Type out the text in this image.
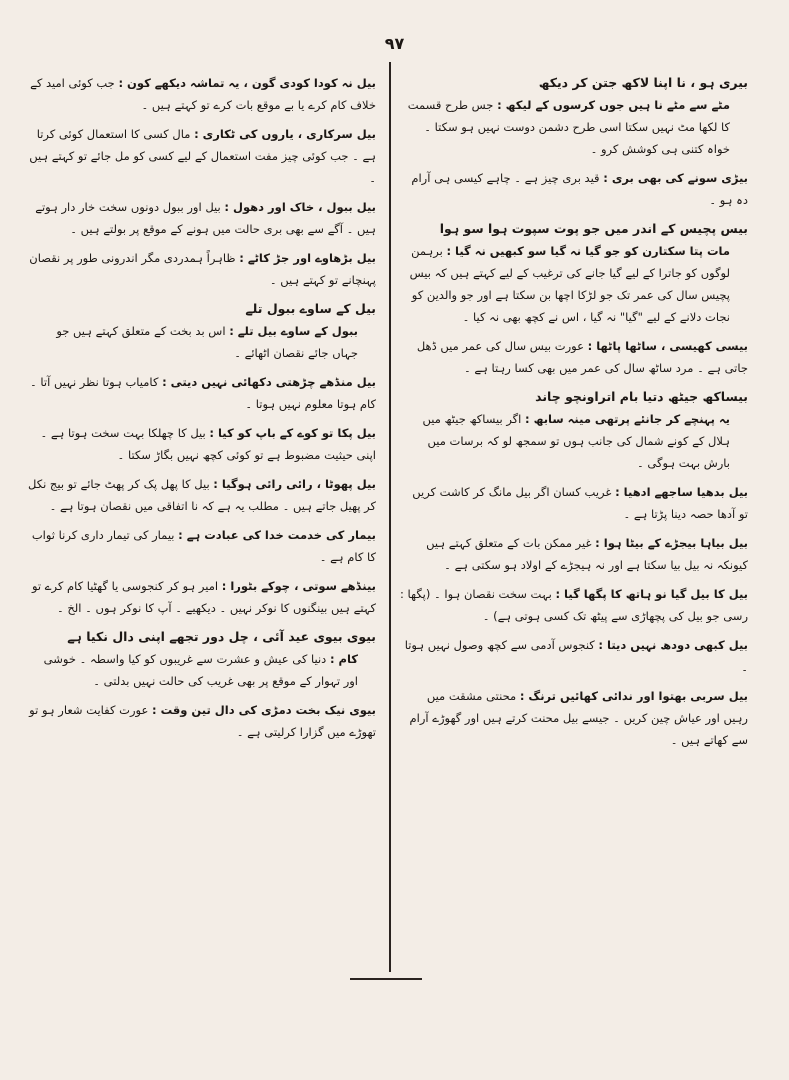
۹۷
بیری ہو ، نا اپنا لاکھ جتن کر دیکھ
مٹے سے مٹے نا ہیں جوں کرسوں کے لیکھ : جس طرح قسمت کا لکھا مٹ نہیں سکتا اسی طرح دشمن دوست نہیں ہو سکتا ۔ خواہ کتنی ہی کوشش کرو ۔
بیڑی سونے کی بھی بری : قید بری چیز ہے ۔ چاہے کیسی ہی آرام دہ ہو ۔
بیس پچیس کے اندر میں جو پوت سپوت ہوا سو ہوا
مات پتا سکتارن کو جو گیا نہ گیا سو کبھیں نہ گیا : برہمن لوگوں کو جاترا کے لیے گیا جانے کی ترغیب کے لیے کہتے ہیں کہ بیس پچیس سال کی عمر تک جو لڑکا اچھا بن سکتا ہے اور جو والدین کو نجات دلانے کے لیے "گیا" نہ گیا ، اس نے کچھ بھی نہ کیا ۔
بیسی کھیسی ، ساٹھا پاٹھا : عورت بیس سال کی عمر میں ڈھل جاتی ہے ۔ مرد ساٹھ سال کی عمر میں بھی کسا رہتا ہے ۔
بیساکھ جیٹھ دتیا بام اتراونچو چاند
یہ پہنچے کر جانئے پرتھی مینہ سابھ : اگر بیساکھ جیٹھ میں ہلال کے کونے شمال کی جانب ہوں تو سمجھ لو کہ برسات میں بارش بہت ہوگی ۔
بیل بدھیا ساجھے ادھیا : غریب کسان اگر بیل مانگ کر کاشت کریں تو آدھا حصہ دینا پڑتا ہے ۔
بیل بیاہا بیجڑے کے بیٹا ہوا : غیر ممکن بات کے متعلق کہتے ہیں کیونکہ نہ بیل بیا سکتا ہے اور نہ ہیجڑے کے اولاد ہو سکتی ہے ۔
بیل کا بیل گیا نو ہاتھ کا پگھا گیا : بہت سخت نقصان ہوا ۔ (پگھا : رسی جو بیل کی پچھاڑی سے پیٹھ تک کسی ہوتی ہے) ۔
بیل کبھی دودھ نہیں دیتا : کنجوس آدمی سے کچھ وصول نہیں ہوتا ۔
بیل سربی بھتوا اور ندائی کھائیں ترنگ : محنتی مشقت میں رہیں اور عیاش چین کریں ۔ جیسے بیل محنت کرتے ہیں اور گھوڑے آرام سے کھاتے ہیں ۔
بیل نہ کودا کودی گون ، یہ تماشہ دیکھے کون : جب کوئی امید کے خلاف کام کرے یا بے موقع بات کرے تو کہتے ہیں ۔
بیل سرکاری ، یاروں کی ٹکاری : مال کسی کا استعمال کوئی کرتا ہے ۔ جب کوئی چیز مفت استعمال کے لیے کسی کو مل جائے تو کہتے ہیں ۔
بیل ببول ، خاک اور دھول : بیل اور ببول دونوں سخت خار دار ہوتے ہیں ۔ آگے سے بھی بری حالت میں ہونے کے موقع پر بولتے ہیں ۔
بیل بڑھاوے اور جڑ کاٹے : ظاہراً ہمدردی مگر اندرونی طور پر نقصان پہنچانے تو کہتے ہیں ۔
بیل کے ساوے ببول تلے
ببول کے ساوے بیل تلے : اس بد بخت کے متعلق کہتے ہیں جو جہاں جائے نقصان اٹھائے ۔
بیل منڈھے چڑھتی دکھائی نہیں دیتی : کامیاب ہوتا نظر نہیں آتا ۔ کام ہوتا معلوم نہیں ہوتا ۔
بیل پکا تو کوے کے باپ کو کیا : بیل کا چھلکا بہت سخت ہوتا ہے ۔ اپنی حیثیت مضبوط ہے تو کوئی کچھ نہیں بگاڑ سکتا ۔
بیل پھوٹا ، رائی رائی ہوگیا : بیل کا پھل پک کر پھٹ جائے تو بیج نکل کر پھیل جاتے ہیں ۔ مطلب یہ ہے کہ نا اتفاقی میں نقصان ہوتا ہے ۔
بیمار کی خدمت خدا کی عبادت ہے : بیمار کی تیمار داری کرنا ثواب کا کام ہے ۔
بینڈھے سوتی ، چوکے بٹورا : امیر ہو کر کنجوسی یا گھٹیا کام کرے تو کہتے ہیں بینگنوں کا نوکر نہیں ۔ دیکھیے ۔ آپ کا نوکر ہوں ۔ الخ ۔
بیوی بیوی عید آئی ، چل دور تجھے اپنی دال نکیا ہے
کام : دنیا کی عیش و عشرت سے غریبوں کو کیا واسطہ ۔ خوشی اور تہوار کے موقع پر بھی غریب کی حالت نہیں بدلتی ۔
بیوی نیک بخت دمڑی کی دال تین وقت : عورت کفایت شعار ہو تو تھوڑے میں گزارا کرلیتی ہے ۔
